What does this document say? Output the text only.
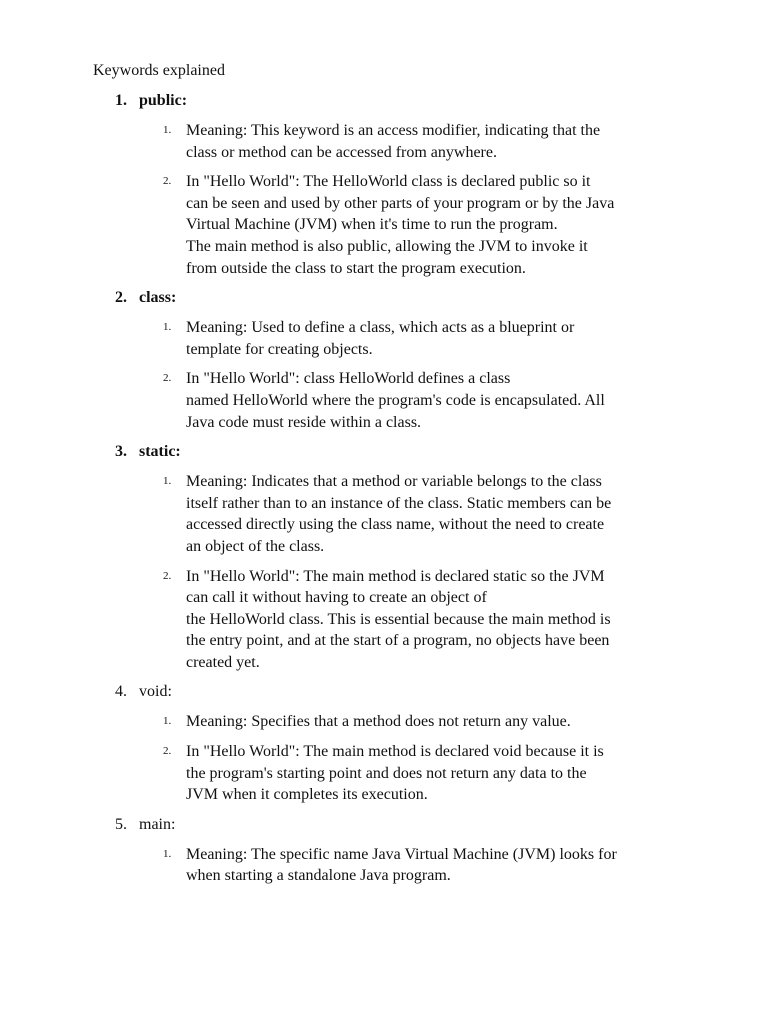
Keywords explained
1. public:
1. Meaning: This keyword is an access modifier, indicating that the
class or method can be accessed from anywhere.
2. In "Hello World": The HelloWorld class is declared public so it
can be seen and used by other parts of your program or by the Java
Virtual Machine (JVM) when it's time to run the program.
The main method is also public, allowing the JVM to invoke it
from outside the class to start the program execution.
2. class:
1. Meaning: Used to define a class, which acts as a blueprint or
template for creating objects.
2. In "Hello World": class HelloWorld defines a class
named HelloWorld where the program's code is encapsulated. All
Java code must reside within a class.
3. static:
1. Meaning: Indicates that a method or variable belongs to the class
itself rather than to an instance of the class. Static members can be
accessed directly using the class name, without the need to create
an object of the class.
2. In "Hello World": The main method is declared static so the JVM
can call it without having to create an object of
the HelloWorld class. This is essential because the main method is
the entry point, and at the start of a program, no objects have been
created yet.
4. void:
1. Meaning: Specifies that a method does not return any value.
2. In "Hello World": The main method is declared void because it is
the program's starting point and does not return any data to the
JVM when it completes its execution.
5. main:
1. Meaning: The specific name Java Virtual Machine (JVM) looks for
when starting a standalone Java program.
